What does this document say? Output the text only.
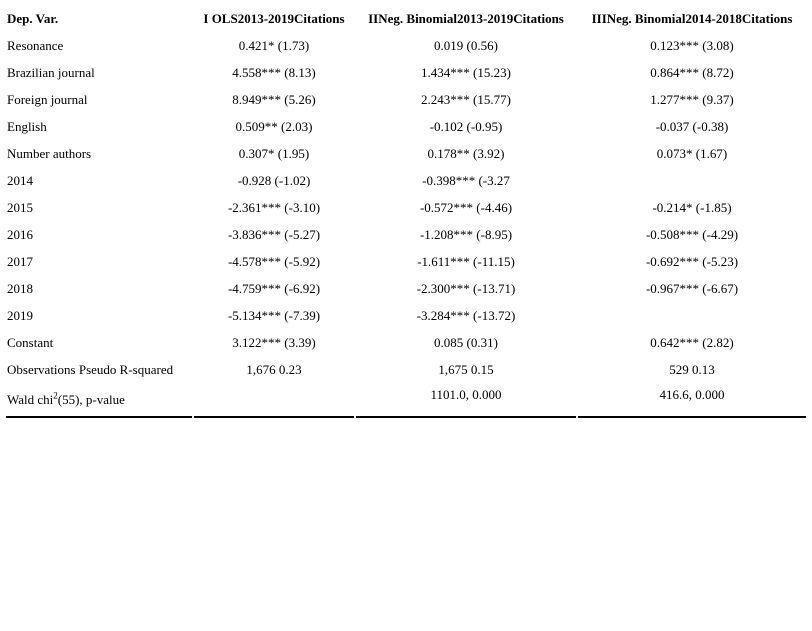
Dep. Var.	I OLS2013-2019Citations	IINeg. Binomial2013-2019Citations	IIINeg. Binomial2014-2018Citations
Resonance	0.421* (1.73)	0.019 (0.56)	0.123*** (3.08)
Brazilian journal	4.558*** (8.13)	1.434*** (15.23)	0.864*** (8.72)
Foreign journal	8.949*** (5.26)	2.243*** (15.77)	1.277*** (9.37)
English	0.509** (2.03)	-0.102 (-0.95)	-0.037 (-0.38)
Number authors	0.307* (1.95)	0.178** (3.92)	0.073* (1.67)
2014	-0.928 (-1.02)	-0.398*** (-3.27	
2015	-2.361*** (-3.10)	-0.572*** (-4.46)	-0.214* (-1.85)
2016	-3.836*** (-5.27)	-1.208*** (-8.95)	-0.508*** (-4.29)
2017	-4.578*** (-5.92)	-1.611*** (-11.15)	-0.692*** (-5.23)
2018	-4.759*** (-6.92)	-2.300*** (-13.71)	-0.967*** (-6.67)
2019	-5.134*** (-7.39)	-3.284*** (-13.72)	
Constant	3.122*** (3.39)	0.085 (0.31)	0.642*** (2.82)
Observations Pseudo R-squared	1,676 0.23	1,675 0.15	529 0.13
Wald chi$^2$(55), p-value		1101.0, 0.000	416.6, 0.000
